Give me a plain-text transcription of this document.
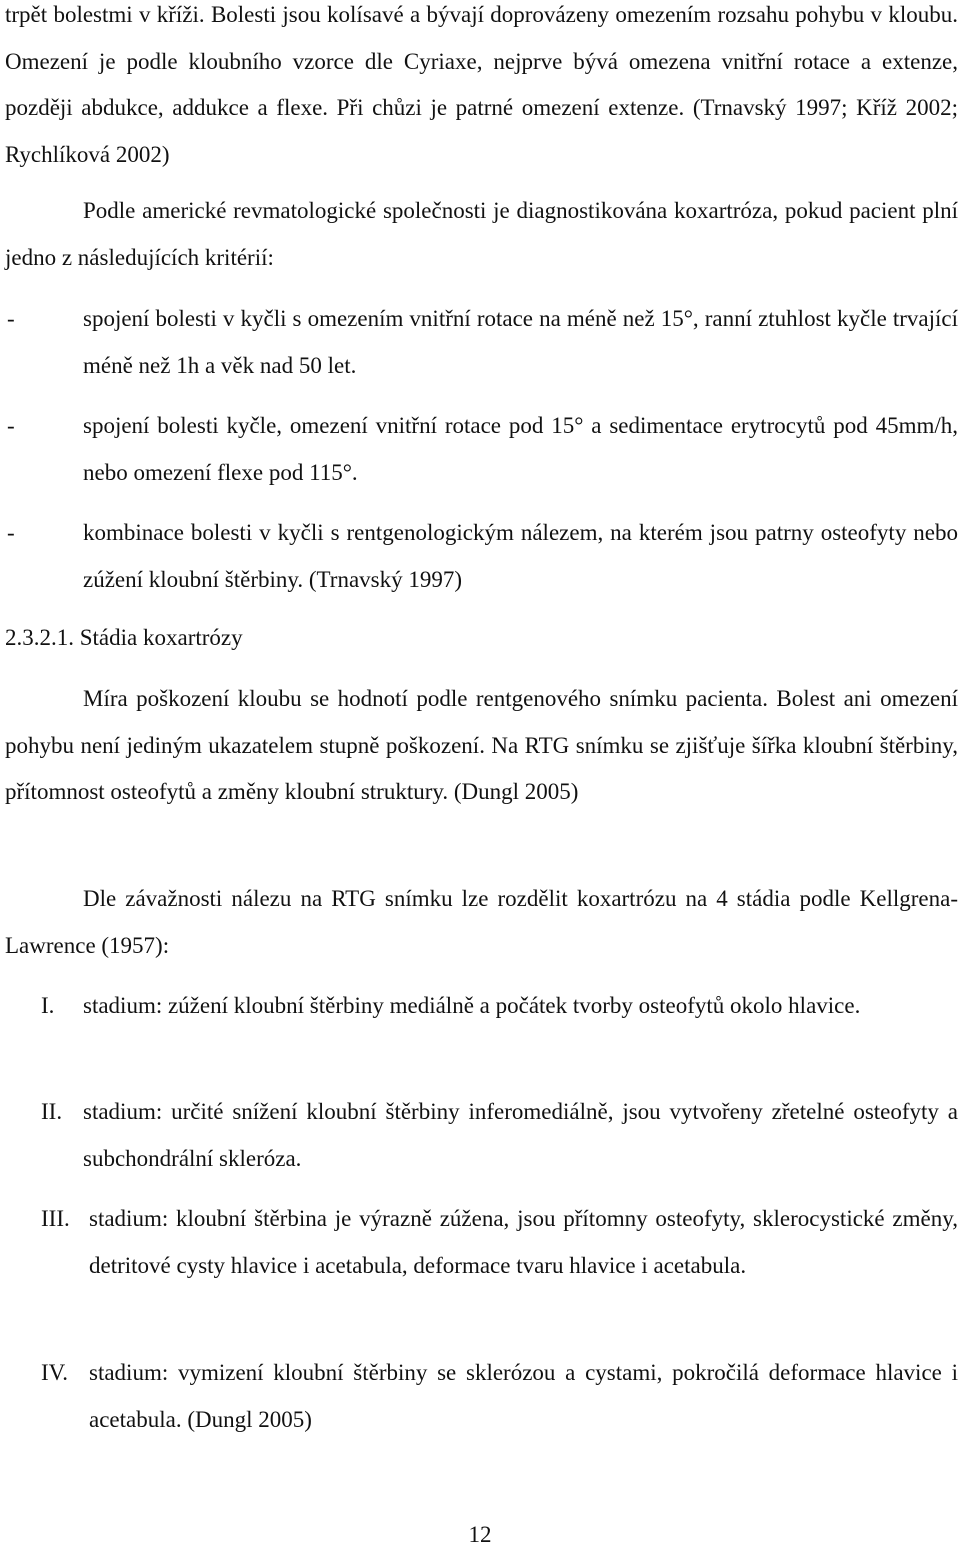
trpět bolestmi v kříži. Bolesti jsou kolísavé a bývají doprovázeny omezením rozsahu pohybu v kloubu. Omezení je podle kloubního vzorce dle Cyriaxe, nejprve bývá omezena vnitřní rotace a extenze, později abdukce, addukce a flexe. Při chůzi je patrné omezení extenze. (Trnavský 1997; Kříž 2002; Rychlíková 2002)

Podle americké revmatologické společnosti je diagnostikována koxartróza, pokud pacient plní jedno z následujících kritérií:

-	spojení bolesti v kyčli s omezením vnitřní rotace na méně než 15°, ranní ztuhlost kyčle trvající méně než 1h a věk nad 50 let.
-	spojení bolesti kyčle, omezení vnitřní rotace pod 15° a sedimentace erytrocytů pod 45mm/h, nebo omezení flexe pod 115°.
-	kombinace bolesti v kyčli s rentgenologickým nálezem, na kterém jsou patrny osteofyty nebo zúžení kloubní štěrbiny. (Trnavský 1997)
2.3.2.1. Stádia koxartrózy

Míra poškození kloubu se hodnotí podle rentgenového snímku pacienta. Bolest ani omezení pohybu není jediným ukazatelem stupně poškození. Na RTG snímku se zjišťuje šířka kloubní štěrbiny, přítomnost osteofytů a změny kloubní struktury. (Dungl 2005)

Dle závažnosti nálezu na RTG snímku lze rozdělit koxartrózu na 4 stádia podle Kellgrena-Lawrence (1957):

I. stadium: zúžení kloubní štěrbiny mediálně a počátek tvorby osteofytů okolo hlavice.
II. stadium: určité snížení kloubní štěrbiny inferomediálně, jsou vytvořeny zřetelné osteofyty a subchondrální skleróza.
III. stadium: kloubní štěrbina je výrazně zúžena, jsou přítomny osteofyty, sklerocystické změny, detritové cysty hlavice i acetabula, deformace tvaru hlavice i acetabula.
IV. stadium: vymizení kloubní štěrbiny se sklerózou a cystami, pokročilá deformace hlavice i acetabula. (Dungl 2005)
12
